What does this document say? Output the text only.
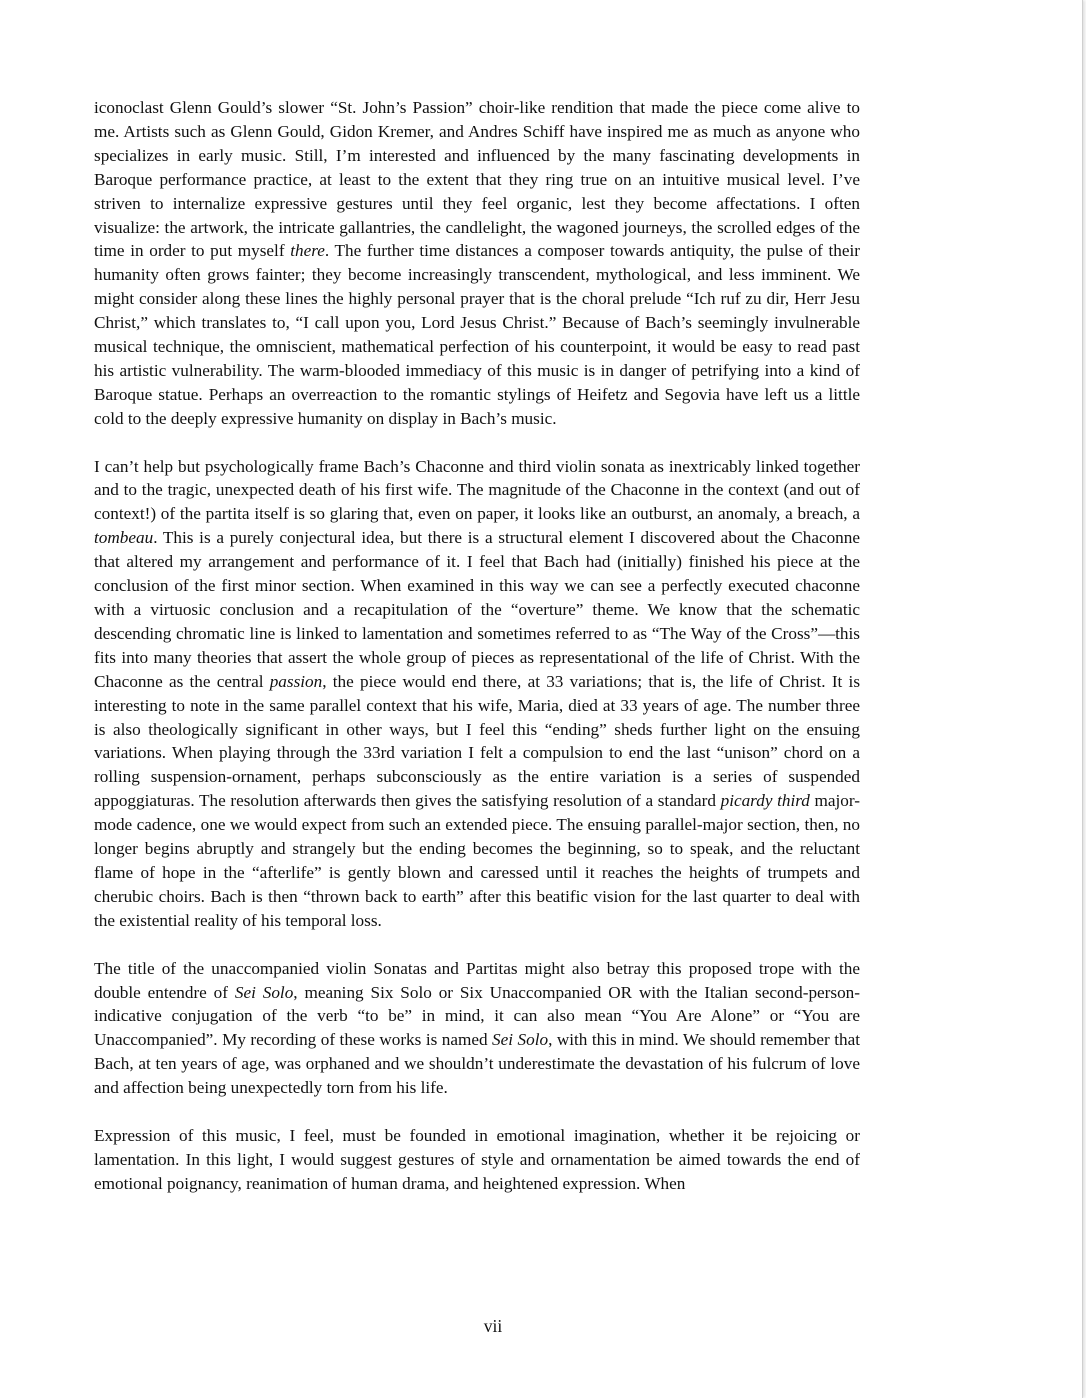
iconoclast Glenn Gould’s slower “St. John’s Passion” choir-like rendition that made the piece come alive to me. Artists such as Glenn Gould, Gidon Kremer, and Andres Schiff have inspired me as much as anyone who specializes in early music. Still, I’m interested and influenced by the many fascinating developments in Baroque performance practice, at least to the extent that they ring true on an intuitive musical level. I’ve striven to internalize expressive gestures until they feel organic, lest they become affectations. I often visualize: the artwork, the intricate gallantries, the candlelight, the wagoned journeys, the scrolled edges of the time in order to put myself there. The further time distances a composer towards antiquity, the pulse of their humanity often grows fainter; they become increasingly transcendent, mythological, and less imminent. We might consider along these lines the highly personal prayer that is the choral prelude “Ich ruf zu dir, Herr Jesu Christ,” which translates to, “I call upon you, Lord Jesus Christ.” Because of Bach’s seemingly invulnerable musical technique, the omniscient, mathematical perfection of his counterpoint, it would be easy to read past his artistic vulnerability. The warm-blooded immediacy of this music is in danger of petrifying into a kind of Baroque statue. Perhaps an overreaction to the romantic stylings of Heifetz and Segovia have left us a little cold to the deeply expressive humanity on display in Bach’s music.

I can’t help but psychologically frame Bach’s Chaconne and third violin sonata as inextricably linked together and to the tragic, unexpected death of his first wife. The magnitude of the Chaconne in the context (and out of context!) of the partita itself is so glaring that, even on paper, it looks like an outburst, an anomaly, a breach, a tombeau. This is a purely conjectural idea, but there is a structural element I discovered about the Chaconne that altered my arrangement and performance of it. I feel that Bach had (initially) finished his piece at the conclusion of the first minor section. When examined in this way we can see a perfectly executed chaconne with a virtuosic conclusion and a recapitulation of the “overture” theme. We know that the schematic descending chromatic line is linked to lamentation and sometimes referred to as “The Way of the Cross”—this fits into many theories that assert the whole group of pieces as representational of the life of Christ. With the Chaconne as the central passion, the piece would end there, at 33 variations; that is, the life of Christ. It is interesting to note in the same parallel context that his wife, Maria, died at 33 years of age. The number three is also theologically significant in other ways, but I feel this “ending” sheds further light on the ensuing variations. When playing through the 33rd variation I felt a compulsion to end the last “unison” chord on a rolling suspension-ornament, perhaps subconsciously as the entire variation is a series of suspended appoggiaturas. The resolution afterwards then gives the satisfying resolution of a standard picardy third major-mode cadence, one we would expect from such an extended piece. The ensuing parallel-major section, then, no longer begins abruptly and strangely but the ending becomes the beginning, so to speak, and the reluctant flame of hope in the “afterlife” is gently blown and caressed until it reaches the heights of trumpets and cherubic choirs. Bach is then “thrown back to earth” after this beatific vision for the last quarter to deal with the existential reality of his temporal loss.

The title of the unaccompanied violin Sonatas and Partitas might also betray this proposed trope with the double entendre of Sei Solo, meaning Six Solo or Six Unaccompanied OR with the Italian second-person-indicative conjugation of the verb “to be” in mind, it can also mean “You Are Alone” or “You are Unaccompanied”. My recording of these works is named Sei Solo, with this in mind. We should remember that Bach, at ten years of age, was orphaned and we shouldn’t underestimate the devastation of his fulcrum of love and affection being unexpectedly torn from his life.

Expression of this music, I feel, must be founded in emotional imagination, whether it be rejoicing or lamentation. In this light, I would suggest gestures of style and ornamentation be aimed towards the end of emotional poignancy, reanimation of human drama, and heightened expression. When

vii
